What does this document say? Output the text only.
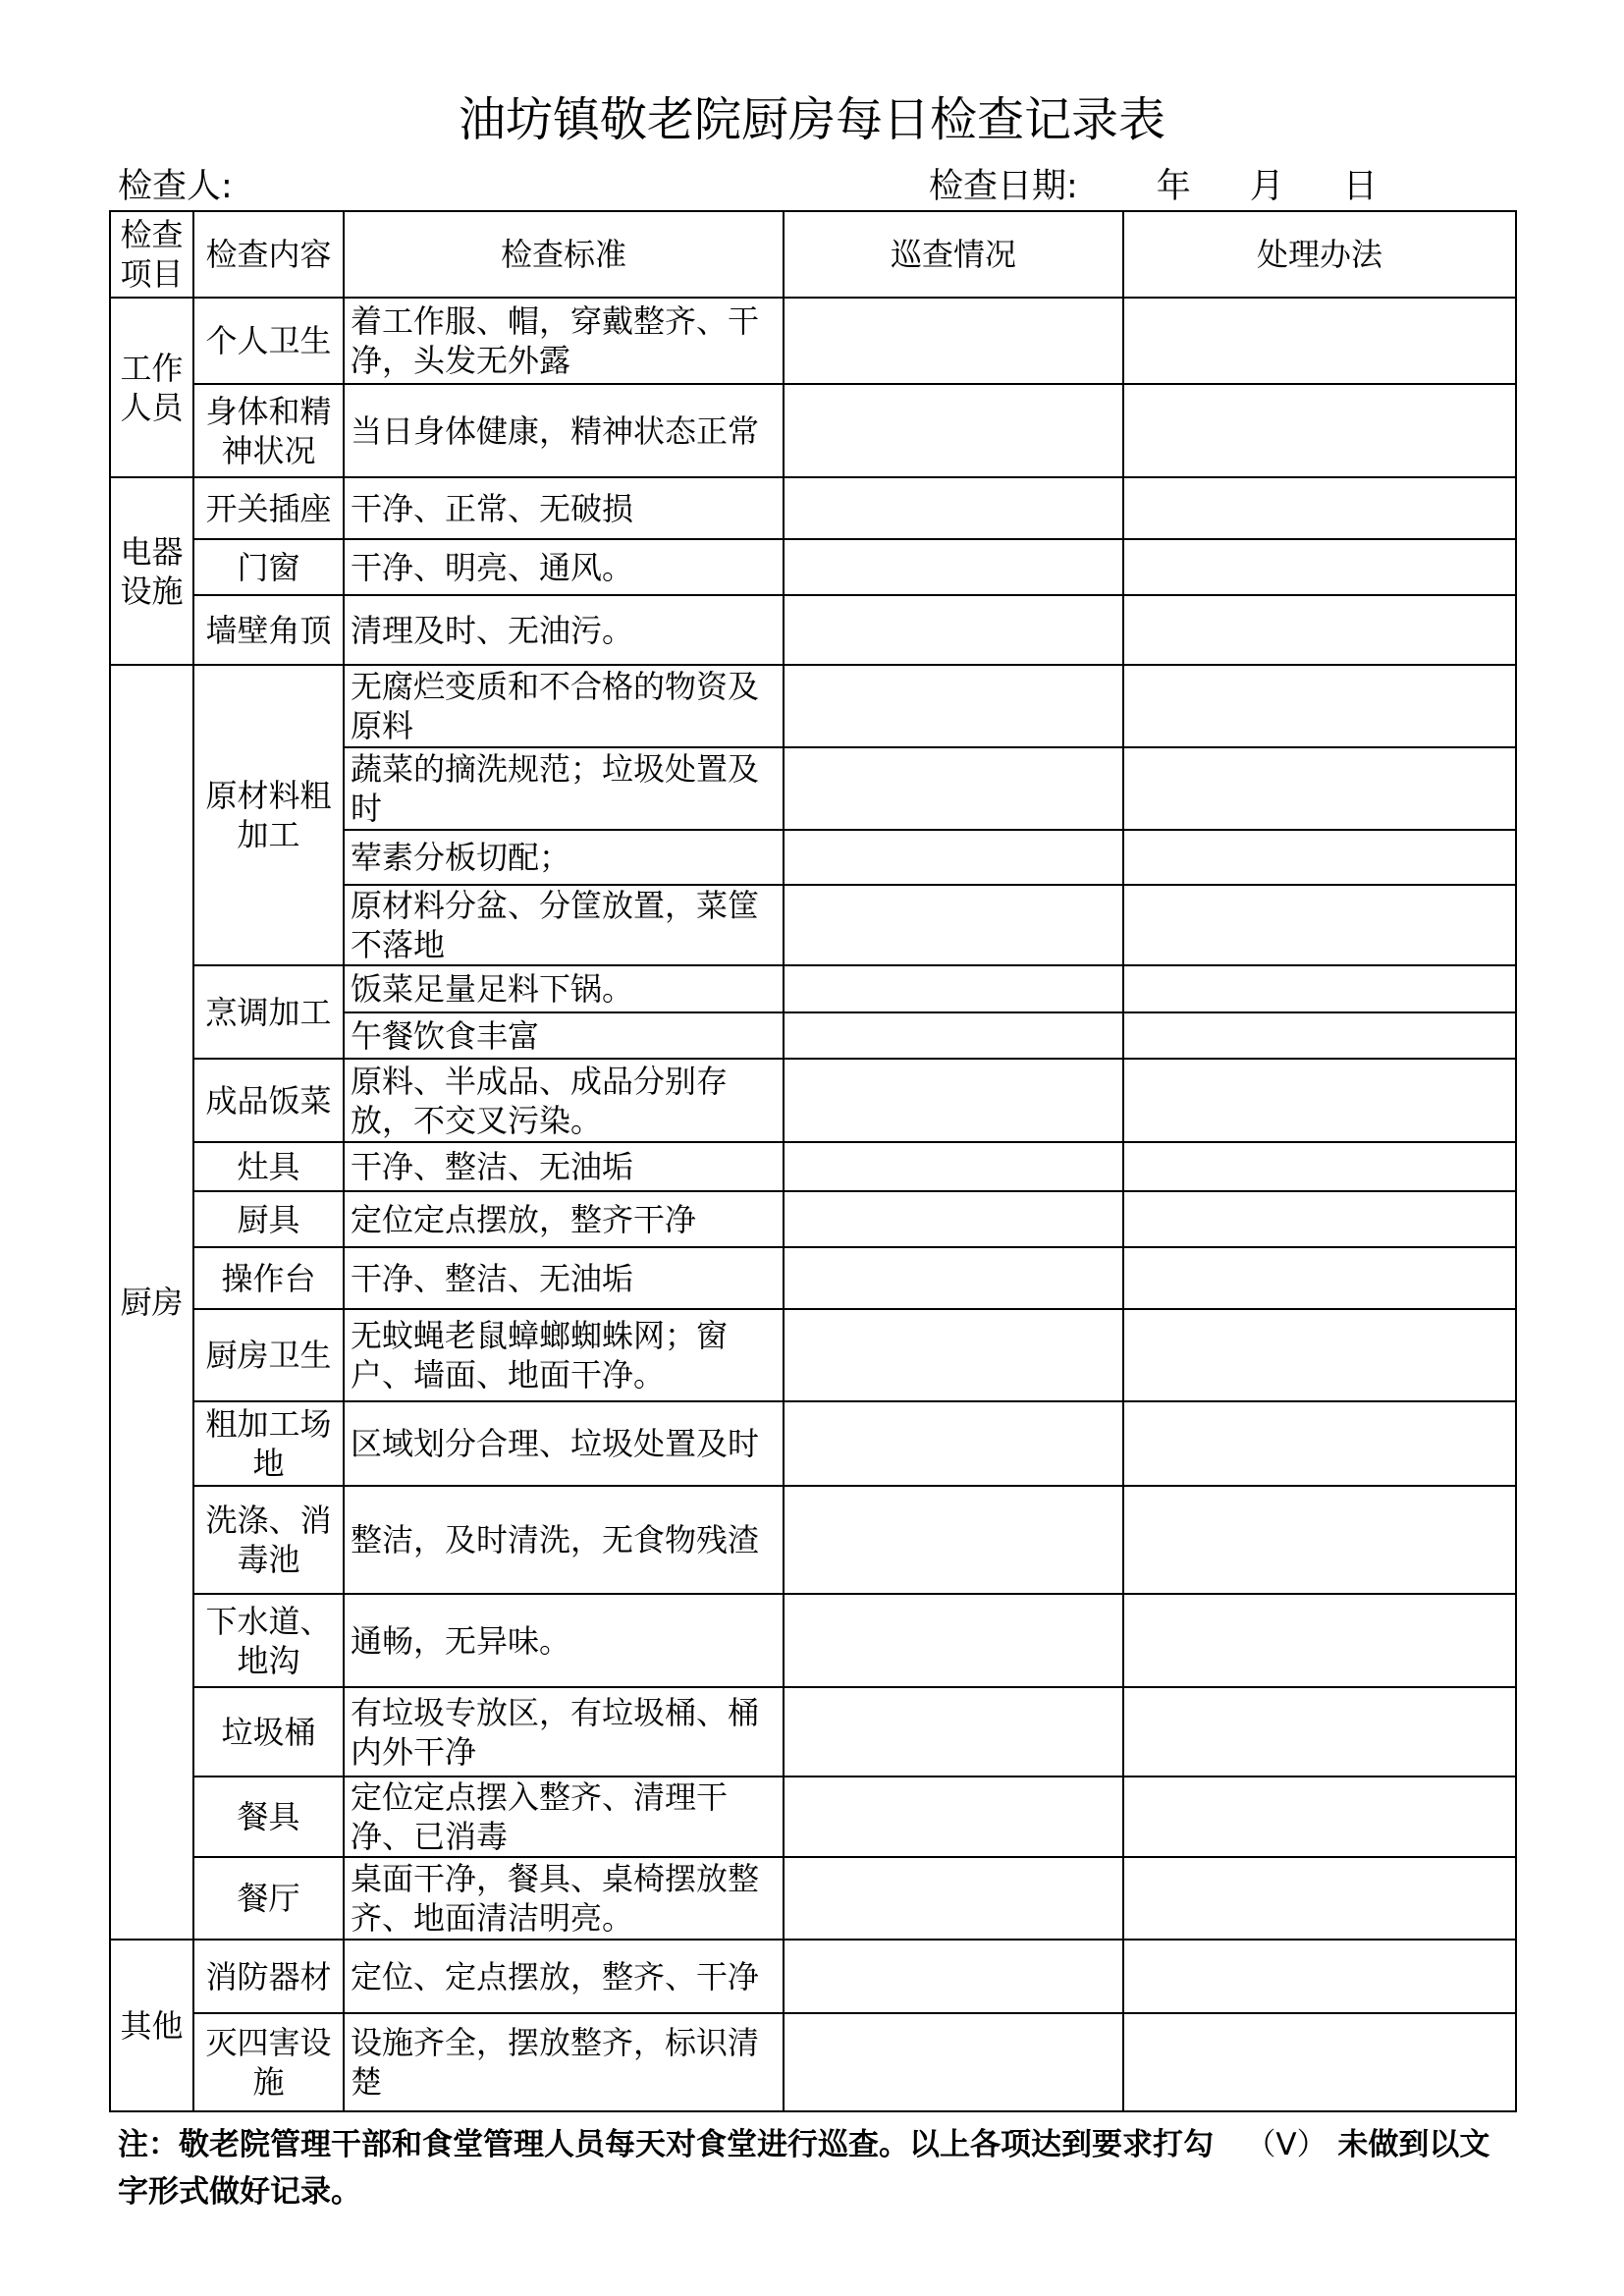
油坊镇敬老院厨房每日检查记录表
检查人:	检查日期: 年 月 日
检查项目	检查内容	检查标准	巡查情况	处理办法
工作人员	个人卫生	着工作服、帽，穿戴整齐、干净，头发无外露		
	身体和精神状况	当日身体健康，精神状态正常		
电器设施	开关插座	干净、正常、无破损		
	门窗	干净、明亮、通风。		
	墙壁角顶	清理及时、无油污。		
厨房	原材料粗加工	无腐烂变质和不合格的物资及原料		
		蔬菜的摘洗规范；垃圾处置及时		
		荤素分板切配；		
		原材料分盆、分筐放置，菜筐不落地		
	烹调加工	饭菜足量足料下锅。		
		午餐饮食丰富		
	成品饭菜	原料、半成品、成品分别存放，不交叉污染。		
	灶具	干净、整洁、无油垢		
	厨具	定位定点摆放，整齐干净		
	操作台	干净、整洁、无油垢		
	厨房卫生	无蚊蝇老鼠蟑螂蜘蛛网；窗户、墙面、地面干净。		
	粗加工场地	区域划分合理、垃圾处置及时		
	洗涤、消毒池	整洁，及时清洗，无食物残渣		
	下水道、地沟	通畅，无异味。		
	垃圾桶	有垃圾专放区，有垃圾桶、桶内外干净		
	餐具	定位定点摆入整齐、清理干净、已消毒		
	餐厅	桌面干净，餐具、桌椅摆放整齐、地面清洁明亮。		
其他	消防器材	定位、定点摆放，整齐、干净		
	灭四害设施	设施齐全，摆放整齐，标识清楚		
注：敬老院管理干部和食堂管理人员每天对食堂进行巡查。以上各项达到要求打勾 （V） 未做到以文字形式做好记录。
